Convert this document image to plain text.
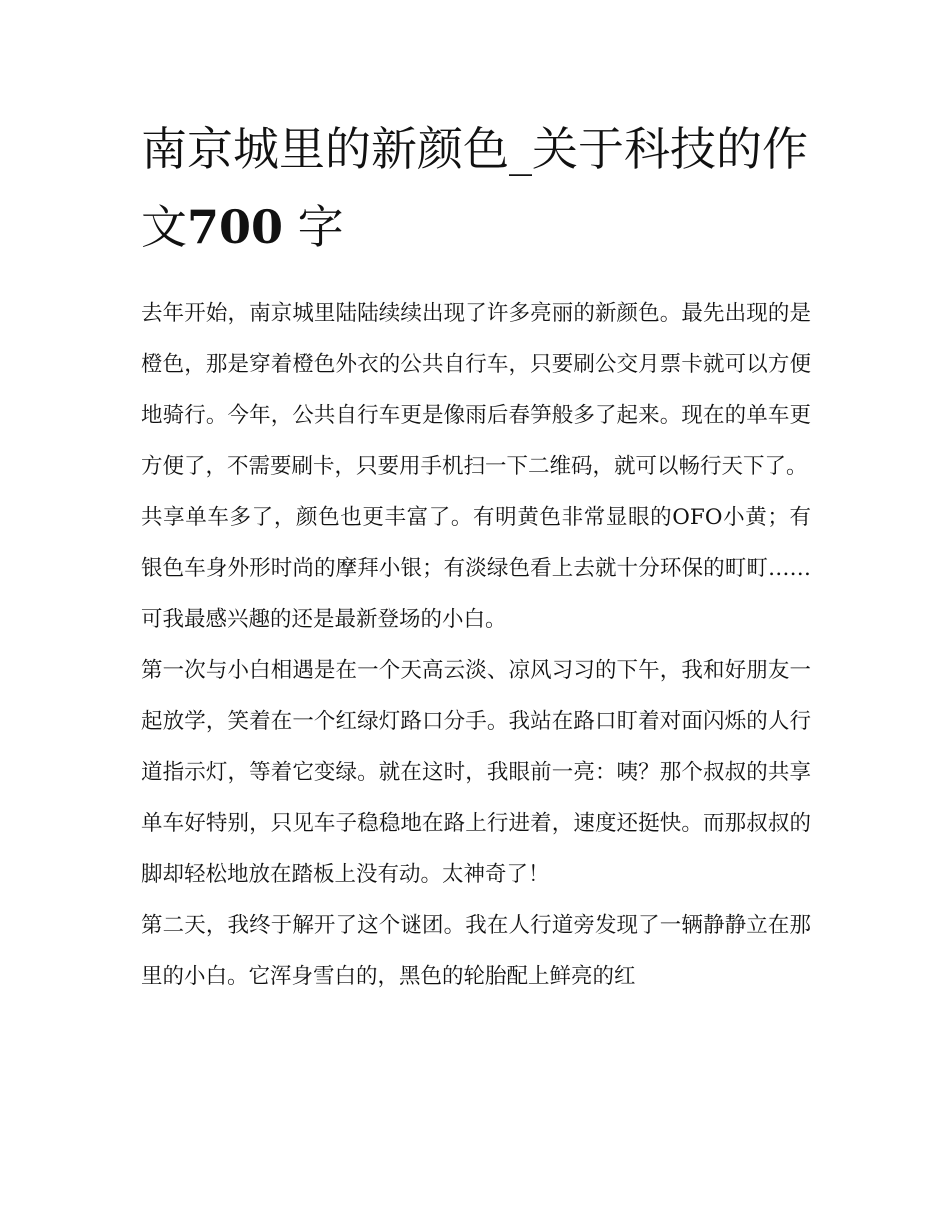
南京城里的新颜色_关于科技的作文700 字

去年开始，南京城里陆陆续续出现了许多亮丽的新颜色。最先出现的是橙色，那是穿着橙色外衣的公共自行车，只要刷公交月票卡就可以方便地骑行。今年，公共自行车更是像雨后春笋般多了起来。现在的单车更方便了，不需要刷卡，只要用手机扫一下二维码，就可以畅行天下了。

共享单车多了，颜色也更丰富了。有明黄色非常显眼的OFO小黄；有银色车身外形时尚的摩拜小银；有淡绿色看上去就十分环保的町町……可我最感兴趣的还是最新登场的小白。

第一次与小白相遇是在一个天高云淡、凉风习习的下午，我和好朋友一起放学，笑着在一个红绿灯路口分手。我站在路口盯着对面闪烁的人行道指示灯，等着它变绿。就在这时，我眼前一亮：咦？那个叔叔的共享单车好特别，只见车子稳稳地在路上行进着，速度还挺快。而那叔叔的脚却轻松地放在踏板上没有动。太神奇了！

第二天，我终于解开了这个谜团。我在人行道旁发现了一辆静静立在那里的小白。它浑身雪白的，黑色的轮胎配上鲜亮的红
